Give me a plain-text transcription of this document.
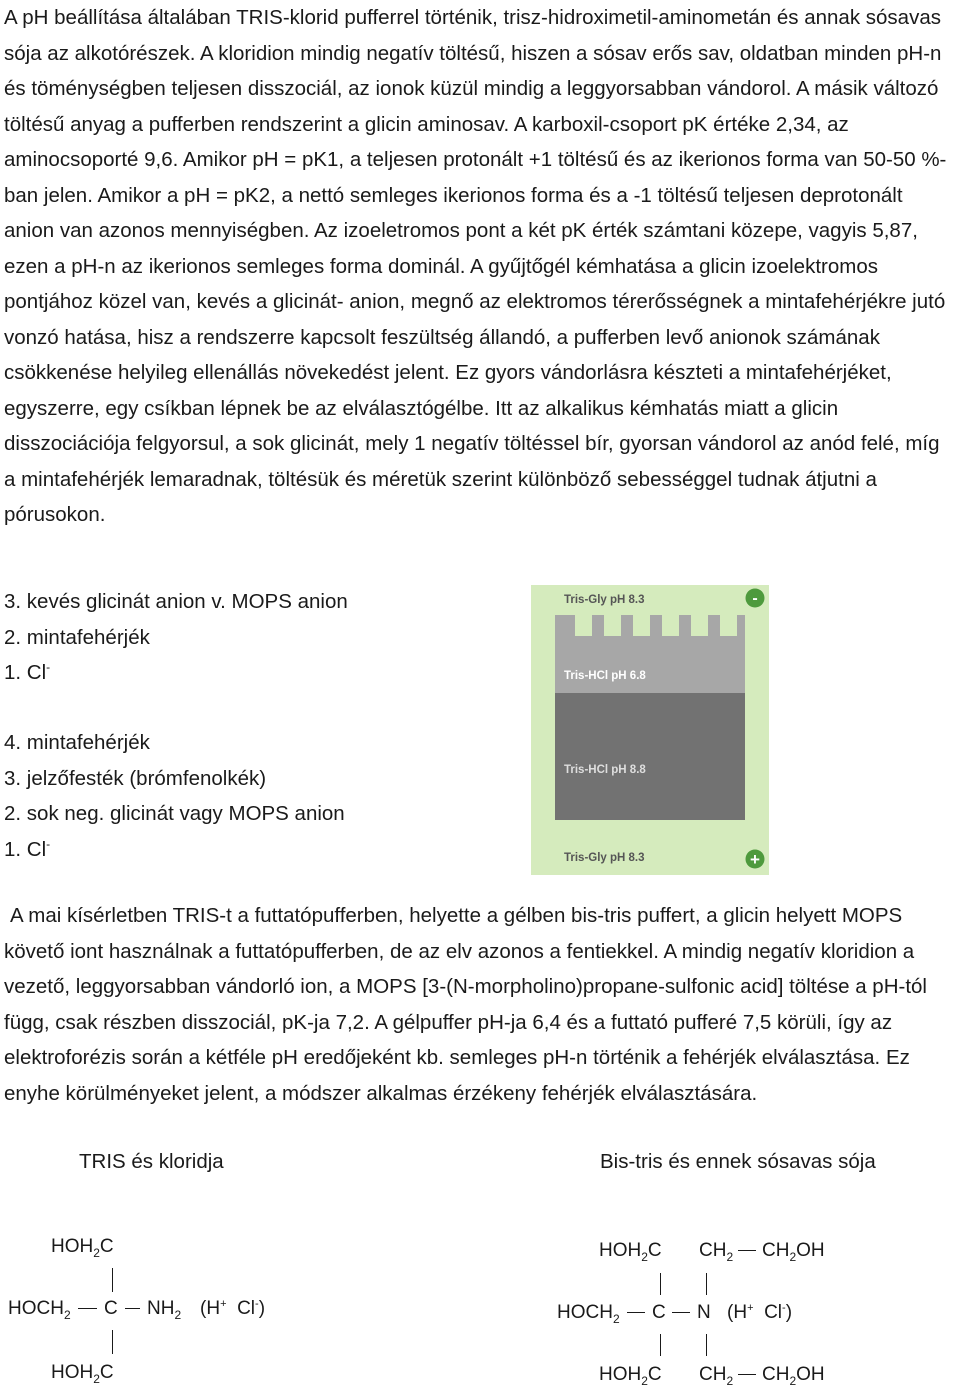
A pH beállítása általában TRIS-klorid pufferrel történik, trisz-hidroximetil-aminometán és annak sósavas sója az alkotórészek. A kloridion mindig negatív töltésű, hiszen a sósav erős sav, oldatban minden pH-n és töménységben teljesen disszociál, az ionok küzül mindig a leggyorsabban vándorol. A másik változó töltésű anyag a pufferben rendszerint a glicin aminosav. A karboxil-csoport pK értéke 2,34, az aminocsoporté 9,6. Amikor pH = pK1, a teljesen protonált +1 töltésű és az ikerionos forma van 50-50 %-ban jelen. Amikor a pH = pK2, a nettó semleges ikerionos forma és a -1 töltésű teljesen deprotonált anion van azonos mennyiségben. Az izoeletromos pont a két pK érték számtani közepe, vagyis 5,87, ezen a pH-n az ikerionos semleges forma dominál. A gyűjtőgél kémhatása a glicin izoelektromos pontjához közel van, kevés a glicinát- anion, megnő az elektromos térerősségnek a mintafehérjékre jutó vonzó hatása, hisz a rendszerre kapcsolt feszültség állandó, a pufferben levő anionok számának csökkenése helyileg ellenállás növekedést jelent. Ez gyors vándorlásra készteti a mintafehérjéket, egyszerre, egy csíkban lépnek be az elválasztógélbe. Itt az alkalikus kémhatás miatt a glicin disszociációja felgyorsul, a sok glicinát, mely 1 negatív töltéssel bír, gyorsan vándorol az anód felé, míg a mintafehérjék lemaradnak, töltésük és méretük szerint különböző sebességgel tudnak átjutni a pórusokon.

3. kevés glicinát anion v. MOPS anion
2. mintafehérjék
1. Cl-
4. mintafehérjék
3. jelzőfesték (brómfenolkék)
2. sok neg. glicinát vagy MOPS anion
1. Cl-
Tris-Gly pH 8.3
Tris-HCl pH 6.8
Tris-HCl pH 8.8
Tris-Gly pH 8.3
-
+

A mai kísérletben TRIS-t a futtatópufferben, helyette a gélben bis-tris puffert, a glicin helyett MOPS követő iont használnak a futtatópufferben, de az elv azonos a fentiekkel. A mindig negatív kloridion a vezető, leggyorsabban vándorló ion, a MOPS [3-(N-morpholino)propane-sulfonic acid] töltése a pH-tól függ, csak részben disszociál, pK-ja 7,2. A gélpuffer pH-ja 6,4 és a futtató pufferé 7,5 körüli, így az elektroforézis során a kétféle pH eredőjeként kb. semleges pH-n történik a fehérjék elválasztása. Ez enyhe körülményeket jelent, a módszer alkalmas érzékeny fehérjék elválasztására.

TRIS és kloridja	Bis-tris és ennek sósavas sója
$HOH_2C$
$HOCH_2$ C $NH_2$ (H+ Cl-)
$HOH_2C$
$HOH_2C$ $CH_2$ $CH_2OH$
$HOCH_2$ C N (H+ Cl-)
$HOH_2C$ $CH_2$ $CH_2OH$
